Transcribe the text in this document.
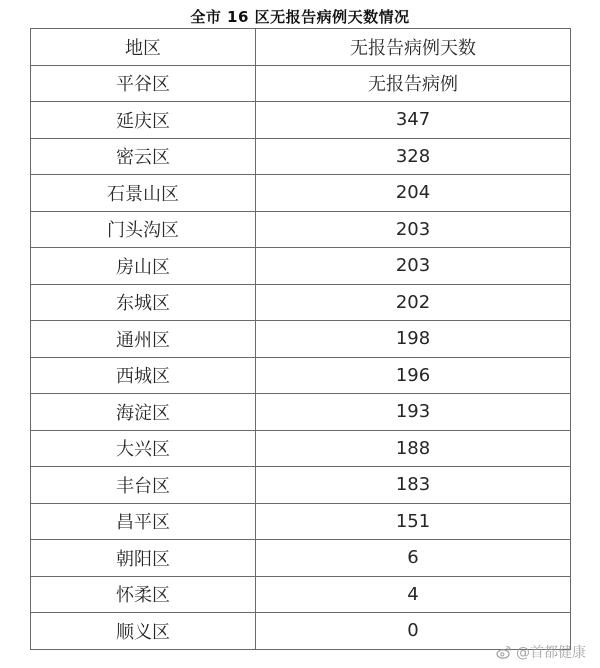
全市 16 区无报告病例天数情况
地区	无报告病例天数
平谷区	无报告病例
延庆区	347
密云区	328
石景山区	204
门头沟区	203
房山区	203
东城区	202
通州区	198
西城区	196
海淀区	193
大兴区	188
丰台区	183
昌平区	151
朝阳区	6
怀柔区	4
顺义区	0
@首都健康
